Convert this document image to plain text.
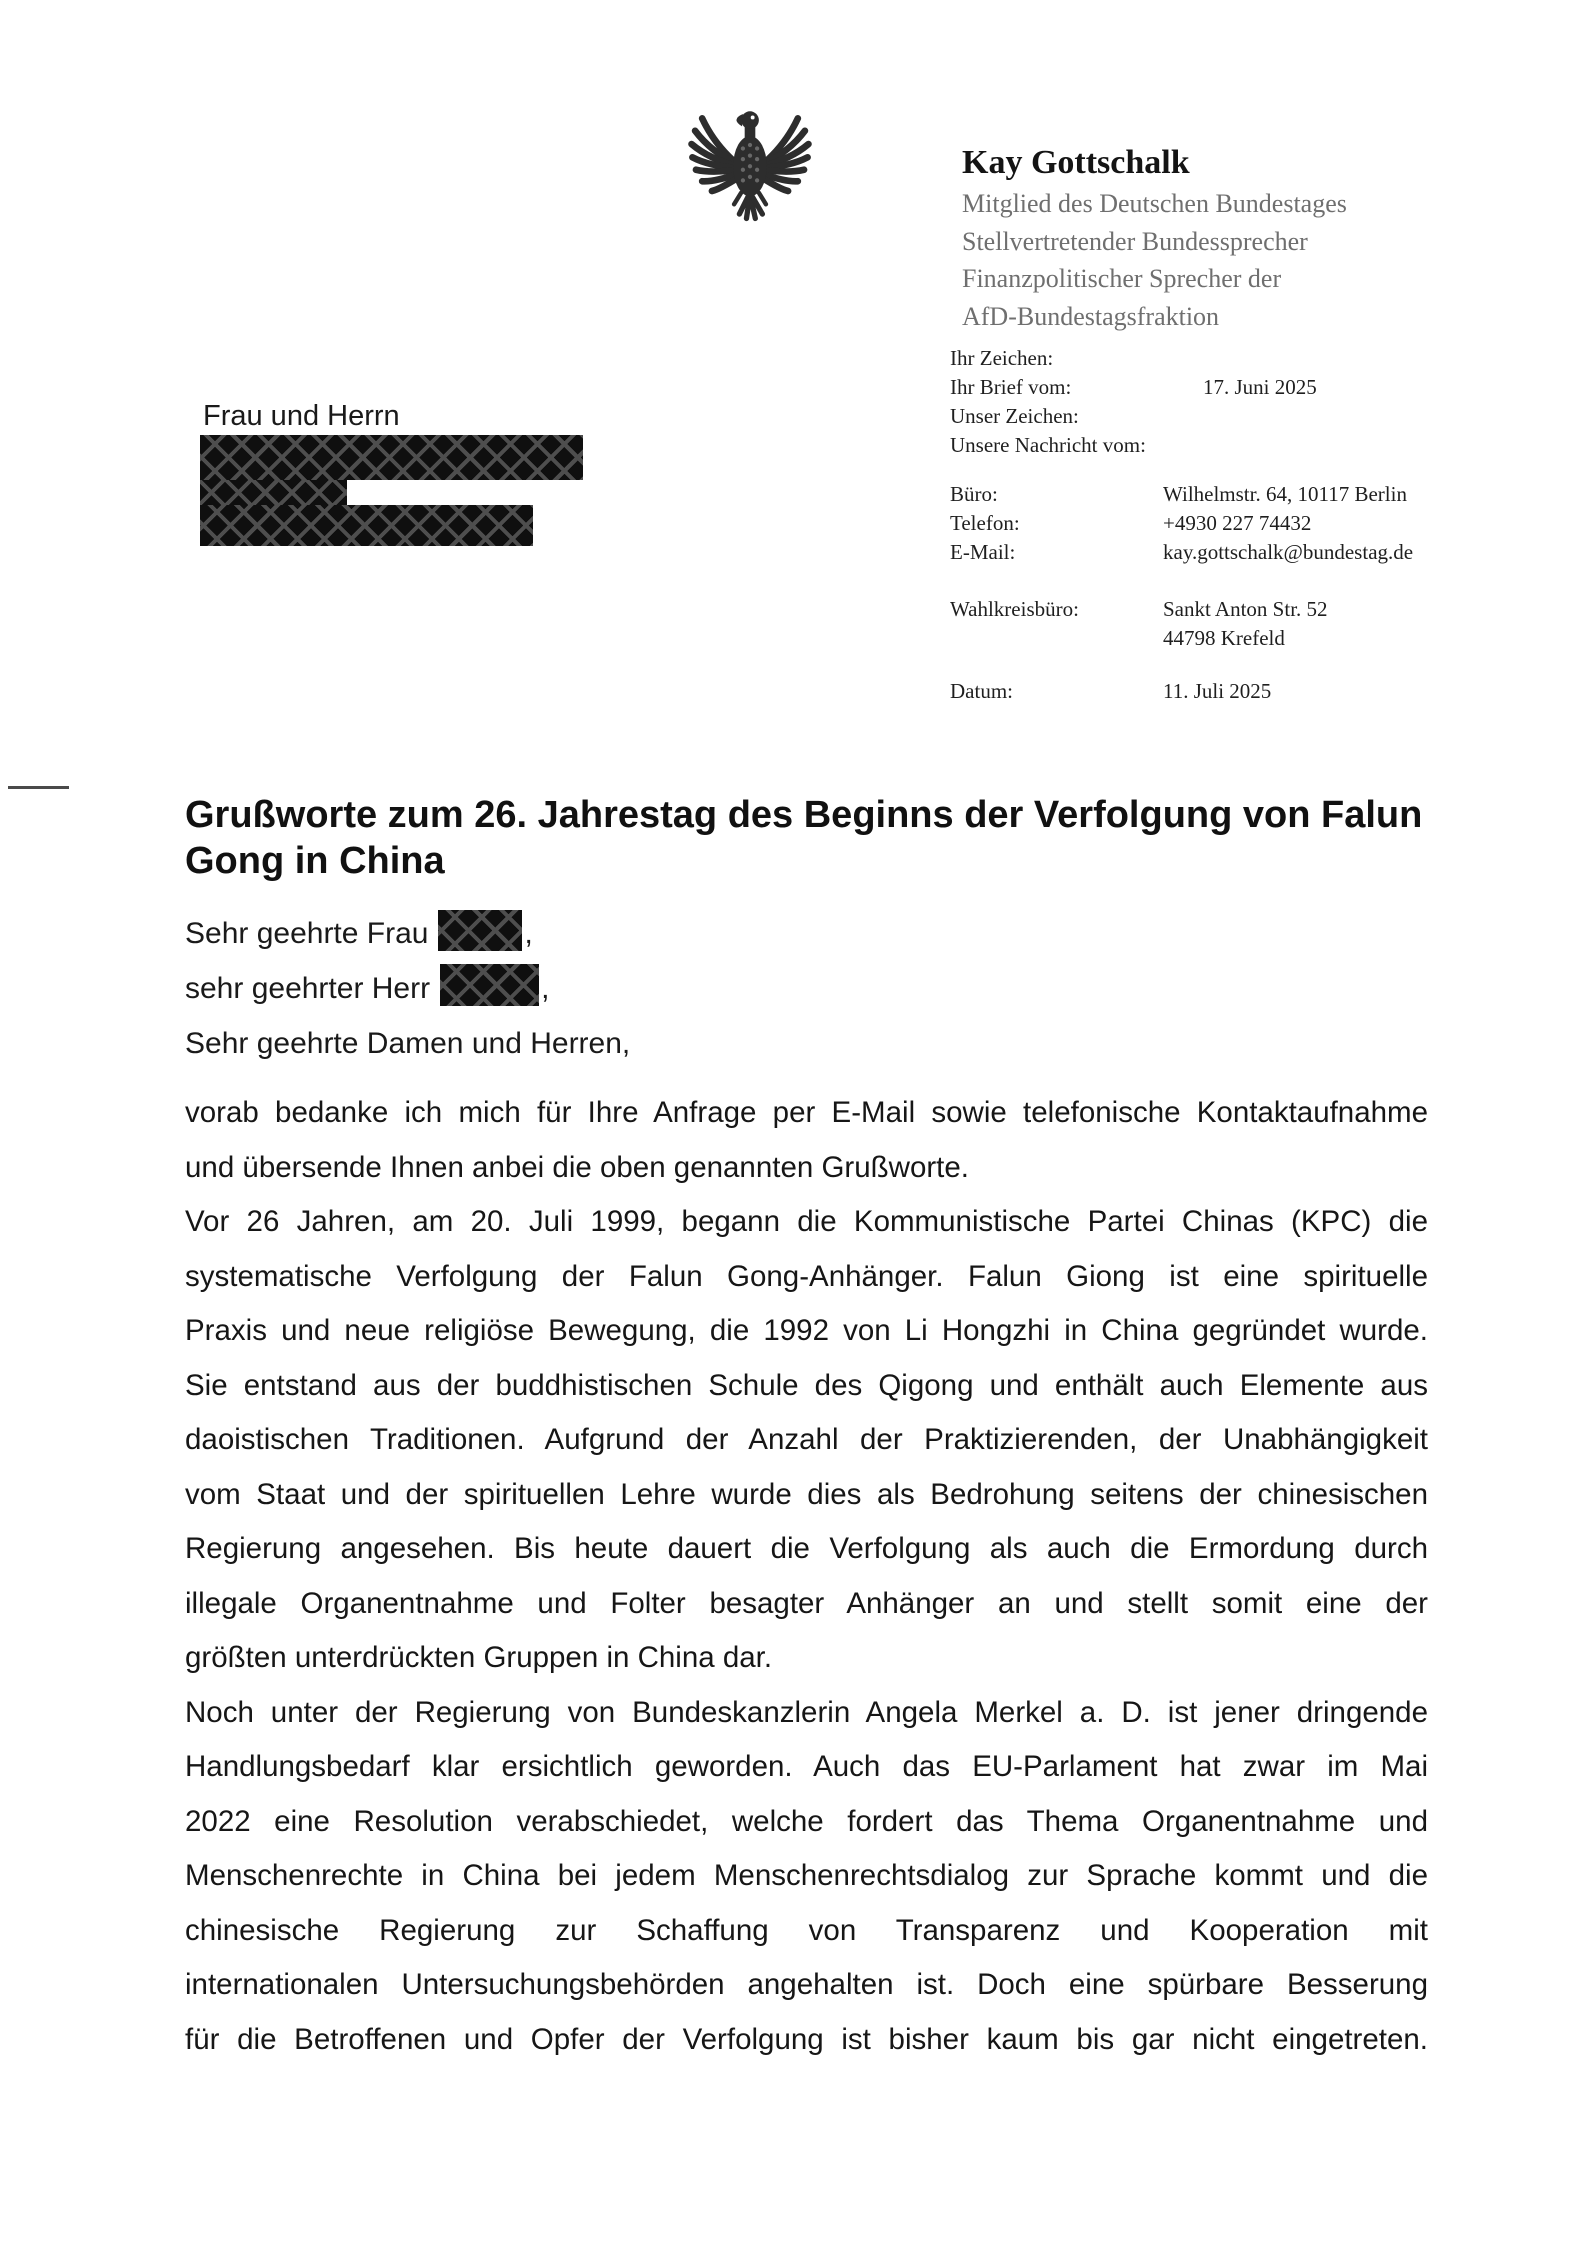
Kay Gottschalk
Mitglied des Deutschen Bundestages
Stellvertretender Bundessprecher
Finanzpolitischer Sprecher der
AfD-Bundestagsfraktion
Ihr Zeichen:
Ihr Brief vom:	17. Juni 2025
Unser Zeichen:
Unsere Nachricht vom:
Büro:	Wilhelmstr. 64, 10117 Berlin
Telefon:	+4930 227 74432
E-Mail:	kay.gottschalk@bundestag.de
Wahlkreisbüro:	Sankt Anton Str. 52
44798 Krefeld
Datum:	11. Juli 2025
Frau und Herrn
Grußworte zum 26. Jahrestag des Beginns der Verfolgung von Falun Gong in China
Sehr geehrte Frau	,
sehr geehrter Herr	,
Sehr geehrte Damen und Herren,
vorab bedanke ich mich für Ihre Anfrage per E-Mail sowie telefonische Kontaktaufnahme
und übersende Ihnen anbei die oben genannten Grußworte.
Vor 26 Jahren, am 20. Juli 1999, begann die Kommunistische Partei Chinas (KPC) die
systematische Verfolgung der Falun Gong-Anhänger. Falun Giong ist eine spirituelle
Praxis und neue religiöse Bewegung, die 1992 von Li Hongzhi in China gegründet wurde.
Sie entstand aus der buddhistischen Schule des Qigong und enthält auch Elemente aus
daoistischen Traditionen. Aufgrund der Anzahl der Praktizierenden, der Unabhängigkeit
vom Staat und der spirituellen Lehre wurde dies als Bedrohung seitens der chinesischen
Regierung angesehen. Bis heute dauert die Verfolgung als auch die Ermordung durch
illegale Organentnahme und Folter besagter Anhänger an und stellt somit eine der
größten unterdrückten Gruppen in China dar.
Noch unter der Regierung von Bundeskanzlerin Angela Merkel a. D. ist jener dringende
Handlungsbedarf klar ersichtlich geworden. Auch das EU-Parlament hat zwar im Mai
2022 eine Resolution verabschiedet, welche fordert das Thema Organentnahme und
Menschenrechte in China bei jedem Menschenrechtsdialog zur Sprache kommt und die
chinesische Regierung zur Schaffung von Transparenz und Kooperation mit
internationalen Untersuchungsbehörden angehalten ist. Doch eine spürbare Besserung
für die Betroffenen und Opfer der Verfolgung ist bisher kaum bis gar nicht eingetreten.
